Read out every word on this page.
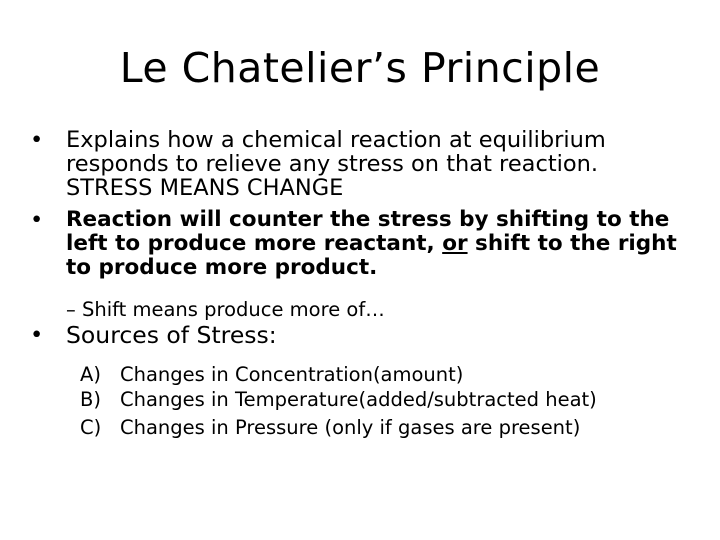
Le Chatelier’s Principle
• Explains how a chemical reaction at equilibrium responds to relieve any stress on that reaction. STRESS MEANS CHANGE
• Reaction will counter the stress by shifting to the left to produce more reactant, or shift to the right to produce more product.
– Shift means produce more of…
• Sources of Stress:
A) Changes in Concentration(amount)
B) Changes in Temperature(added/subtracted heat)
C) Changes in Pressure (only if gases are present)
